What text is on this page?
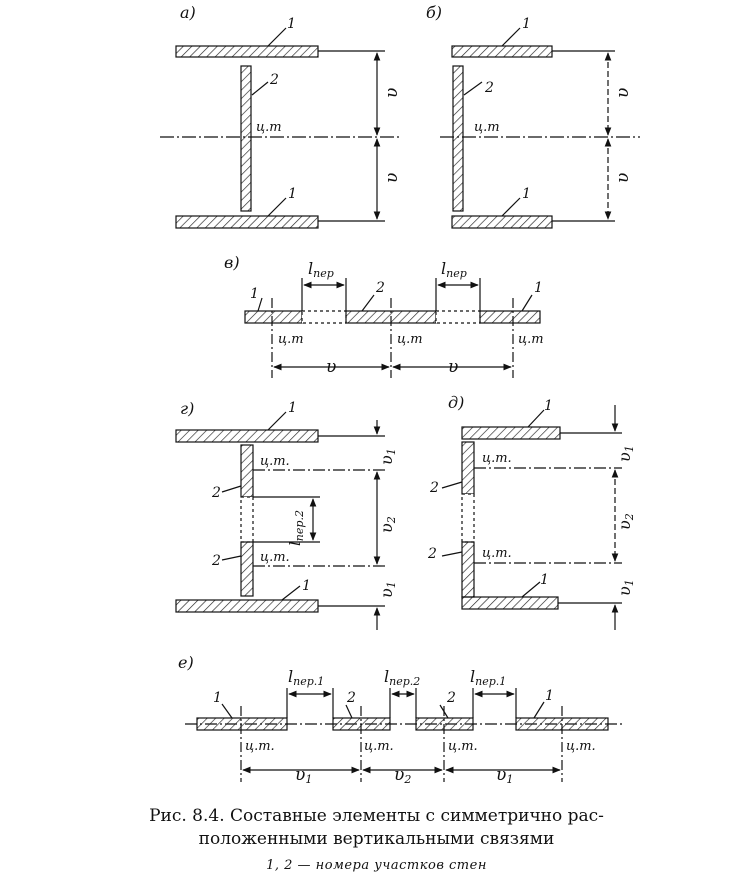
а)
1
2
ц.т
1
υ
υ
б)
1
2
ц.т
1
υ
υ
в)
1	2	1
lпер	lпер
ц.т	ц.т	ц.т
υ	υ
г)	1
2
2
1
ц.т.
ц.т.
$l_{пер.2}$
υ1
υ2
υ1
д)	1
2
2
1
ц.т.
ц.т.
υ1
υ2
υ1
е)
1	2	2	1
lпер.1	lпер.2	lпер.1
ц.т.	ц.т.	ц.т.	ц.т.
υ1	υ2	υ1
Рис. 8.4. Составные элементы с симметрично рас-
положенными вертикальными связями
1, 2 — номера участков стен
